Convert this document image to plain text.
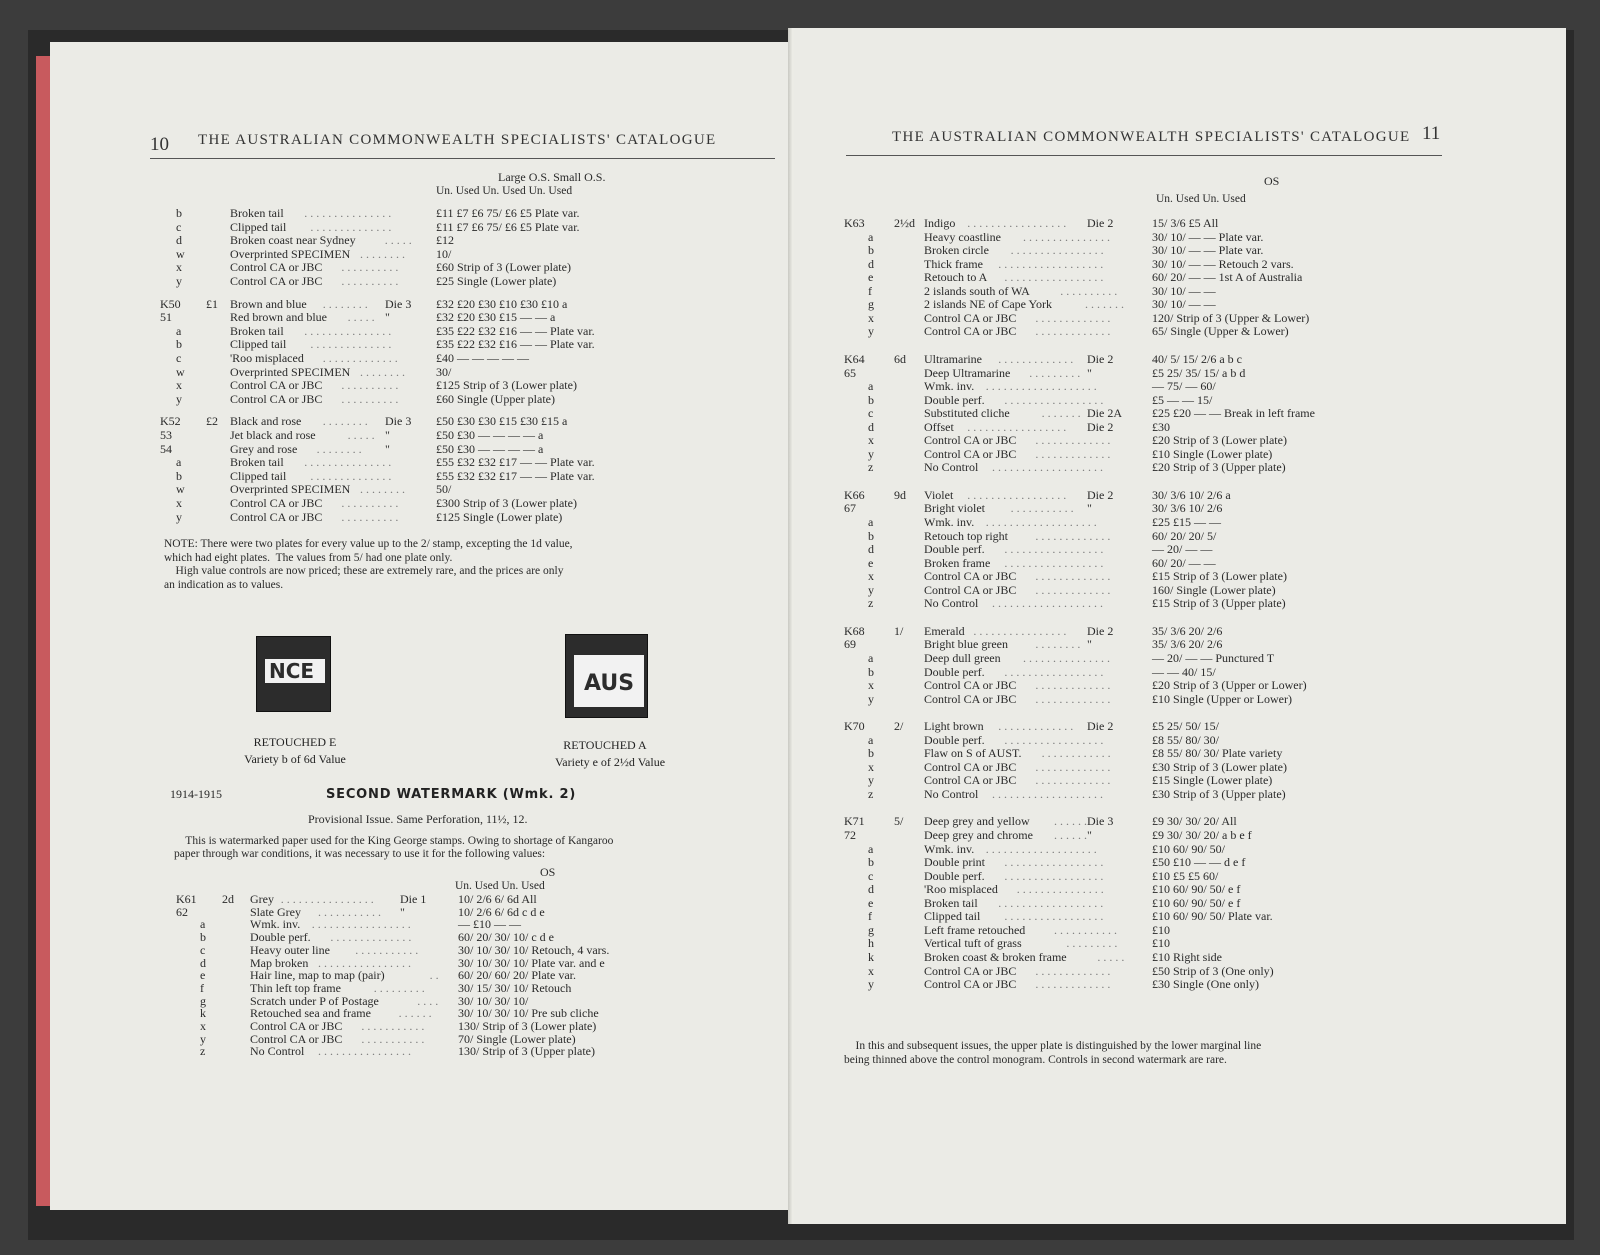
10 THE AUSTRALIAN COMMONWEALTH SPECIALISTS' CATALOGUE
Large O.S. Small O.S.
Un. Used Un. Used Un. Used
b	Broken tail	£11 £7 £6 75/ £6 £5 Plate var.
. . . . . . . . . . . . . . .
c	Clipped tail	£11 £7 £6 75/ £6 £5 Plate var.
. . . . . . . . . . . . . .
d	Broken coast near Sydney	£12
. . . . .
w	Overprinted SPECIMEN	10/
. . . . . . . .
x	Control CA or JBC	£60 Strip of 3 (Lower plate)
. . . . . . . . . .
y	Control CA or JBC	£25 Single (Lower plate)
. . . . . . . . . .
K50 £1 Brown and blue	Die 3 £32 £20 £30 £10 £30 £10 a
. . . . . . . .
51	Red brown and blue	"	£32 £20 £30 £15 — — a
. . . . .
a	Broken tail	£35 £22 £32 £16 — — Plate var.
. . . . . . . . . . . . . . .
b	Clipped tail	£35 £22 £32 £16 — — Plate var.
. . . . . . . . . . . . . .
c	'Roo misplaced	£40 — — — — —
. . . . . . . . . . . . .
w	Overprinted SPECIMEN	30/
. . . . . . . .
x	Control CA or JBC	£125 Strip of 3 (Lower plate)
. . . . . . . . . .
y	Control CA or JBC	£60 Single (Upper plate)
. . . . . . . . . .
K52 £2 Black and rose	Die 3 £50 £30 £30 £15 £30 £15 a
. . . . . . . .
53	Jet black and rose	"	£50 £30 — — — — a
. . . . .
54	Grey and rose	"	£50 £30 — — — — a
. . . . . . . .
a	Broken tail	£55 £32 £32 £17 — — Plate var.
. . . . . . . . . . . . . . .
b	Clipped tail	£55 £32 £32 £17 — — Plate var.
. . . . . . . . . . . . . .
w	Overprinted SPECIMEN	50/
. . . . . . . .
x	Control CA or JBC	£300 Strip of 3 (Lower plate)
. . . . . . . . . .
y	Control CA or JBC	£125 Single (Lower plate)
. . . . . . . . . .
NOTE: There were two plates for every value up to the 2/ stamp, excepting the 1d value,
which had eight plates.  The values from 5/ had one plate only.
High value controls are now priced; these are extremely rare, and the prices are only
an indication as to values.
NCE
RETOUCHED E
Variety b of 6d Value
AUS
RETOUCHED A
Variety e of 2½d Value
1914-1915	SECOND WATERMARK (Wmk. 2)
Provisional Issue. Same Perforation, 11½, 12.
This is watermarked paper used for the King George stamps. Owing to shortage of Kangaroo
paper through war conditions, it was necessary to use it for the following values:
OS
Un. Used Un. Used
K61 2d Grey	Die 1	10/ 2/6 6/ 6d All
. . . . . . . . . . . . . . . .
62	Slate Grey	"	10/ 2/6 6/ 6d c d e
. . . . . . . . . . .
a	Wmk. inv.	— £10 — —
. . . . . . . . . . . . . . . . .
b	Double perf.	60/ 20/ 30/ 10/ c d e
. . . . . . . . . . . . . .
c	Heavy outer line	30/ 10/ 30/ 10/ Retouch, 4 vars.
. . . . . . . . . . .
d	Map broken	30/ 10/ 30/ 10/ Plate var. and e
. . . . . . . . . . . . . . . .
e	Hair line, map to map (pair)	60/ 20/ 60/ 20/ Plate var.
. .
f	Thin left top frame	30/ 15/ 30/ 10/ Retouch
. . . . . . . . .
g	Scratch under P of Postage	30/ 10/ 30/ 10/
. . . .
k	Retouched sea and frame	30/ 10/ 30/ 10/ Pre sub cliche
. . . . . .
x	Control CA or JBC	130/ Strip of 3 (Lower plate)
. . . . . . . . . . .
y	Control CA or JBC	70/ Single (Lower plate)
. . . . . . . . . . .
z	No Control	130/ Strip of 3 (Upper plate)
. . . . . . . . . . . . . . . .
THE AUSTRALIAN COMMONWEALTH SPECIALISTS' CATALOGUE 11
OS
Un. Used Un. Used
K63 2½d Indigo	Die 2	15/ 3/6 £5 All
. . . . . . . . . . . . . . . . .
a	Heavy coastline	30/ 10/ — — Plate var.
. . . . . . . . . . . . . . .
b	Broken circle	30/ 10/ — — Plate var.
. . . . . . . . . . . . . . . .
d	Thick frame	30/ 10/ — — Retouch 2 vars.
. . . . . . . . . . . . . . . . . .
e	Retouch to A	60/ 20/ — — 1st A of Australia
. . . . . . . . . . . . . . . . .
f	2 islands south of WA	30/ 10/ — —
. . . . . . . . . .
g	2 islands NE of Cape York	30/ 10/ — —
. . . . . . .
x	Control CA or JBC	120/ Strip of 3 (Upper & Lower)
. . . . . . . . . . . . .
y	Control CA or JBC	65/ Single (Upper & Lower)
. . . . . . . . . . . . .
K64 6d Ultramarine	Die 2	40/ 5/ 15/ 2/6 a b c
. . . . . . . . . . . . .
65	Deep Ultramarine	"	£5 25/ 35/ 15/ a b d
. . . . . . . . .
a	Wmk. inv.	— 75/ — 60/
. . . . . . . . . . . . . . . . . . .
b	Double perf.	£5 — — 15/
. . . . . . . . . . . . . . . . .
c	Substituted cliche	Die 2A	£25 £20 — — Break in left frame
. . . . . . .
d	Offset	Die 2	£30
. . . . . . . . . . . . . . . . .
x	Control CA or JBC	£20 Strip of 3 (Lower plate)
. . . . . . . . . . . . .
y	Control CA or JBC	£10 Single (Lower plate)
. . . . . . . . . . . . .
z	No Control	£20 Strip of 3 (Upper plate)
. . . . . . . . . . . . . . . . . . .
K66 9d Violet	Die 2	30/ 3/6 10/ 2/6 a
. . . . . . . . . . . . . . . . .
67	Bright violet	"	30/ 3/6 10/ 2/6
. . . . . . . . . . .
a	Wmk. inv.	£25 £15 — —
. . . . . . . . . . . . . . . . . . .
b	Retouch top right	60/ 20/ 20/ 5/
. . . . . . . . . . . . .
d	Double perf.	— 20/ — —
. . . . . . . . . . . . . . . . .
e	Broken frame	60/ 20/ — —
. . . . . . . . . . . . . . . . .
x	Control CA or JBC	£15 Strip of 3 (Lower plate)
. . . . . . . . . . . . .
y	Control CA or JBC	160/ Single (Lower plate)
. . . . . . . . . . . . .
z	No Control	£15 Strip of 3 (Upper plate)
. . . . . . . . . . . . . . . . . . .
K68 1/ Emerald	Die 2	35/ 3/6 20/ 2/6
. . . . . . . . . . . . . . . .
69	Bright blue green	"	35/ 3/6 20/ 2/6
. . . . . . . .
a	Deep dull green	— 20/ — — Punctured T
. . . . . . . . . . . . . . .
b	Double perf.	— — 40/ 15/
. . . . . . . . . . . . . . . . .
x	Control CA or JBC	£20 Strip of 3 (Upper or Lower)
. . . . . . . . . . . . .
y	Control CA or JBC	£10 Single (Upper or Lower)
. . . . . . . . . . . . .
K70 2/ Light brown	Die 2	£5 25/ 50/ 15/
. . . . . . . . . . . . .
a	Double perf.	£8 55/ 80/ 30/
. . . . . . . . . . . . . . . . .
b	Flaw on S of AUST.	£8 55/ 80/ 30/ Plate variety
. . . . . . . . . . . .
x	Control CA or JBC	£30 Strip of 3 (Lower plate)
. . . . . . . . . . . . .
y	Control CA or JBC	£15 Single (Lower plate)
. . . . . . . . . . . . .
z	No Control	£30 Strip of 3 (Upper plate)
. . . . . . . . . . . . . . . . . . .
K71 5/ Deep grey and yellow	Die 3	£9 30/ 30/ 20/ All
. . . . . .
72	Deep grey and chrome	"	£9 30/ 30/ 20/ a b e f
. . . . . .
a	Wmk. inv.	£10 60/ 90/ 50/
. . . . . . . . . . . . . . . . . . .
b	Double print	£50 £10 — — d e f
. . . . . . . . . . . . . . . . .
c	Double perf.	£10 £5 £5 60/
. . . . . . . . . . . . . . . . .
d	'Roo misplaced	£10 60/ 90/ 50/ e f
. . . . . . . . . . . . . . .
e	Broken tail	£10 60/ 90/ 50/ e f
. . . . . . . . . . . . . . . . . .
f	Clipped tail	£10 60/ 90/ 50/ Plate var.
. . . . . . . . . . . . . . . . .
g	Left frame retouched	£10
. . . . . . . . . . .
h	Vertical tuft of grass	£10
. . . . . . . . .
k	Broken coast & broken frame	£10 Right side
. . . . .
x	Control CA or JBC	£50 Strip of 3 (One only)
. . . . . . . . . . . . .
y	Control CA or JBC	£30 Single (One only)
. . . . . . . . . . . . .
In this and subsequent issues, the upper plate is distinguished by the lower marginal line
being thinned above the control monogram. Controls in second watermark are rare.
